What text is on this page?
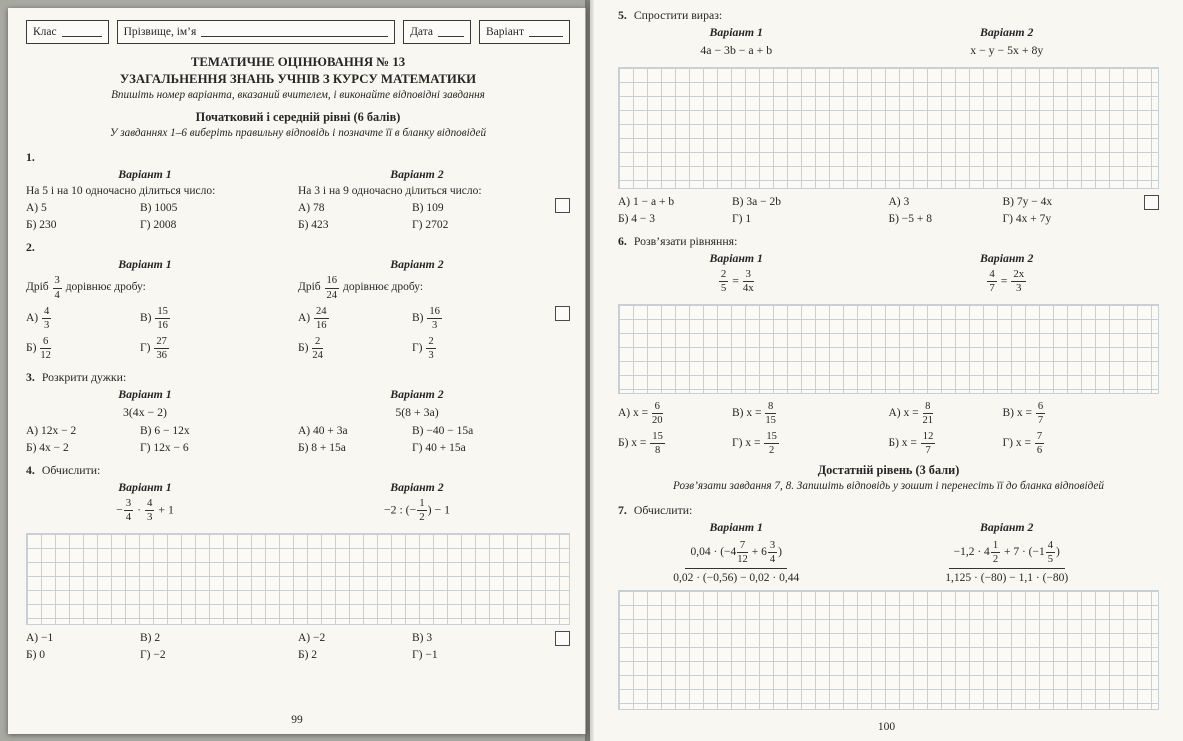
Клас	Прізвище, ім’я	Дата	Варіант
ТЕМАТИЧНЕ ОЦІНЮВАННЯ № 13
УЗАГАЛЬНЕННЯ ЗНАНЬ УЧНІВ З КУРСУ МАТЕМАТИКИ
Впишіть номер варіанта, вказаний вчителем, і виконайте відповідні завдання
Початковий і середній рівні (6 балів)
У завданнях 1–6 виберіть правильну відповідь і позначте її в бланку відповідей
1.
Варіант 1
На 5 і на 10 одночасно ділиться число:
А) 5	В) 1005
Б) 230	Г) 2008
Варіант 2
На 3 і на 9 одночасно ділиться число:
А) 78	В) 109
Б) 423	Г) 2702
2.
Варіант 1
Дріб $\frac{3}{4}$ дорівнює дробу:
$А) \frac{4}{3}$	$В) \frac{15}{16}$
$Б) \frac{6}{12}$	$Г) \frac{27}{36}$
Варіант 2
Дріб $\frac{16}{24}$ дорівнює дробу:
$А) \frac{24}{16}$	$В) \frac{16}{3}$
$Б) \frac{2}{24}$	$Г) \frac{2}{3}$
3. Розкрити дужки:
Варіант 1
3(4x − 2)
А) 12x − 2	В) 6 − 12x
Б) 4x − 2	Г) 12x − 6
Варіант 2
5(8 + 3a)
А) 40 + 3a	В) −40 − 15a
Б) 8 + 15a	Г) 40 + 15a
4. Обчислити:
Варіант 1
− $\frac{3}{4} \cdot \frac{4}{3} + 1$
Варіант 2
−2 : (− $\frac{1}{2}$ ) − 1
А) −1	В) 2
Б) 0	Г) −2
А) −2	В) 3
Б) 2	Г) −1
99
5. Спростити вираз:
Варіант 1
4a − 3b − a + b
Варіант 2
x − y − 5x + 8y
А) 1 − a + b	В) 3a − 2b
Б) 4 − 3	Г) 1
А) 3	В) 7y − 4x
Б) −5 + 8	Г) 4x + 7y
6. Розв’язати рівняння:
Варіант 1
$\frac{2}{5} = \frac{3}{4x}$
Варіант 2
$\frac{4}{7} = \frac{2x}{3}$
А) $x = \frac{6}{20}$	В) $x = \frac{8}{15}$
Б) $x = \frac{15}{8}$	Г) $x = \frac{15}{2}$
А) $x = \frac{8}{21}$	В) $x = \frac{6}{7}$
Б) $x = \frac{12}{7}$	Г) $x = \frac{7}{6}$
Достатній рівень (3 бали)
Розв’язати завдання 7, 8. Запишіть відповідь у зошит і перенесіть її до бланка відповідей
7. Обчислити:
Варіант 1
$\frac{0,04 \cdot (-4 \frac{7}{12} + 6 \frac{3}{4} )}{0,02 \cdot (-0,56) - 0,02 \cdot 0,44}$
Варіант 2
$\frac{-1,2 \cdot 4 \frac{1}{2} + 7 \cdot (-1 \frac{4}{5} )}{1,125 \cdot (-80) - 1,1 \cdot (-80)}$
100
